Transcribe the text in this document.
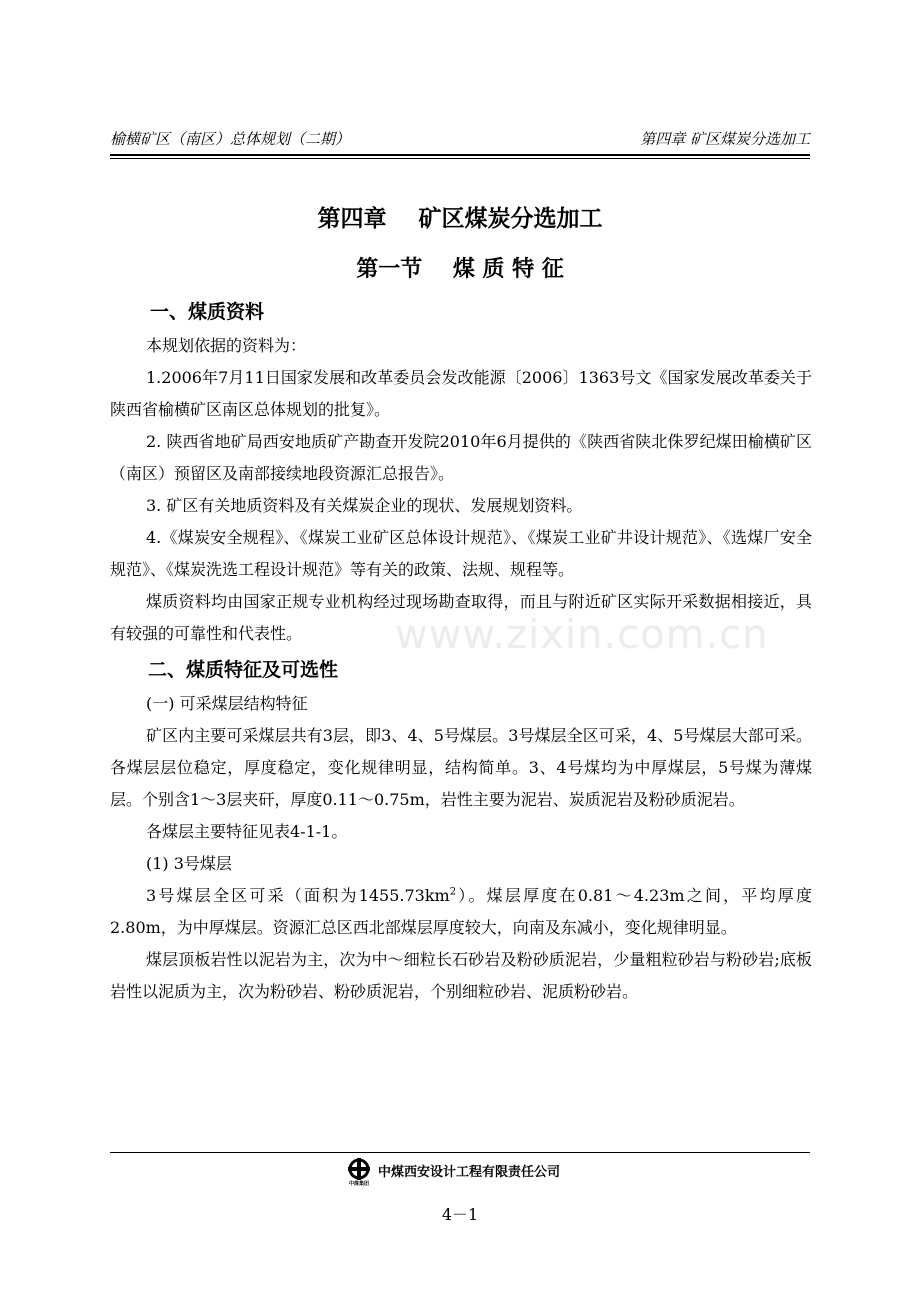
榆横矿区（南区）总体规划（二期）	第四章 矿区煤炭分选加工
第四章    矿区煤炭分选加工
第一节    煤 质 特 征
www.zixin.com.cn
一、煤质资料

本规划依据的资料为：

1.2006年7月11日国家发展和改革委员会发改能源〔2006〕1363号文《国家发展改革委关于陕西省榆横矿区南区总体规划的批复》。

2. 陕西省地矿局西安地质矿产勘查开发院2010年6月提供的《陕西省陕北侏罗纪煤田榆横矿区（南区）预留区及南部接续地段资源汇总报告》。

3. 矿区有关地质资料及有关煤炭企业的现状、发展规划资料。

4.《煤炭安全规程》、《煤炭工业矿区总体设计规范》、《煤炭工业矿井设计规范》、《选煤厂安全规范》、《煤炭洗选工程设计规范》等有关的政策、法规、规程等。

煤质资料均由国家正规专业机构经过现场勘查取得，而且与附近矿区实际开采数据相接近，具有较强的可靠性和代表性。

二、煤质特征及可选性

(一) 可采煤层结构特征

矿区内主要可采煤层共有3层，即3、4、5号煤层。3号煤层全区可采，4、5号煤层大部可采。各煤层层位稳定，厚度稳定，变化规律明显，结构简单。3、4号煤均为中厚煤层，5号煤为薄煤层。个别含1～3层夹矸，厚度0.11～0.75m，岩性主要为泥岩、炭质泥岩及粉砂质泥岩。

各煤层主要特征见表4-1-1。

(1) 3号煤层

3号煤层全区可采（面积为$1455.73km^2$）。煤层厚度在0.81～4.23m之间，平均厚度2.80m，为中厚煤层。资源汇总区西北部煤层厚度较大，向南及东减小，变化规律明显。

煤层顶板岩性以泥岩为主，次为中～细粒长石砂岩及粉砂质泥岩，少量粗粒砂岩与粉砂岩;底板岩性以泥质为主，次为粉砂岩、粉砂质泥岩，个别细粒砂岩、泥质粉砂岩。

中煤集团
中煤西安设计工程有限责任公司
4－1
